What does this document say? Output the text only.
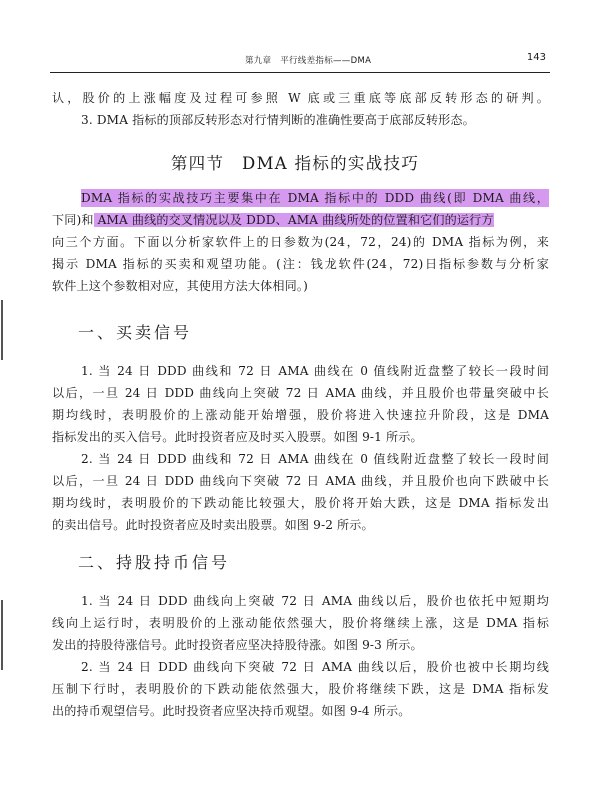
第九章　平行线差指标——DMA	143
认，股价的上涨幅度及过程可参照 W 底或三重底等底部反转形态的研判。
3. DMA 指标的顶部反转形态对行情判断的准确性要高于底部反转形态。
第四节　DMA 指标的实战技巧
DMA 指标的实战技巧主要集中在 DMA 指标中的 DDD 曲线(即 DMA 曲线，
下同)和 AMA 曲线的交叉情况以及 DDD、AMA 曲线所处的位置和它们的运行方
向三个方面。下面以分析家软件上的日参数为(24，72，24)的 DMA 指标为例，来
揭示 DMA 指标的买卖和观望功能。(注：钱龙软件(24，72)日指标参数与分析家
软件上这个参数相对应，其使用方法大体相同。)
一、买卖信号
1. 当 24 日 DDD 曲线和 72 日 AMA 曲线在 0 值线附近盘整了较长一段时间
以后，一旦 24 日 DDD 曲线向上突破 72 日 AMA 曲线，并且股价也带量突破中长
期均线时，表明股价的上涨动能开始增强，股价将进入快速拉升阶段，这是 DMA
指标发出的买入信号。此时投资者应及时买入股票。如图 9-1 所示。
2. 当 24 日 DDD 曲线和 72 日 AMA 曲线在 0 值线附近盘整了较长一段时间
以后，一旦 24 日 DDD 曲线向下突破 72 日 AMA 曲线，并且股价也向下跌破中长
期均线时，表明股价的下跌动能比较强大，股价将开始大跌，这是 DMA 指标发出
的卖出信号。此时投资者应及时卖出股票。如图 9-2 所示。
二、持股持币信号
1. 当 24 日 DDD 曲线向上突破 72 日 AMA 曲线以后，股价也依托中短期均
线向上运行时，表明股价的上涨动能依然强大，股价将继续上涨，这是 DMA 指标
发出的持股待涨信号。此时投资者应坚决持股待涨。如图 9-3 所示。
2. 当 24 日 DDD 曲线向下突破 72 日 AMA 曲线以后，股价也被中长期均线
压制下行时，表明股价的下跌动能依然强大，股价将继续下跌，这是 DMA 指标发
出的持币观望信号。此时投资者应坚决持币观望。如图 9-4 所示。
